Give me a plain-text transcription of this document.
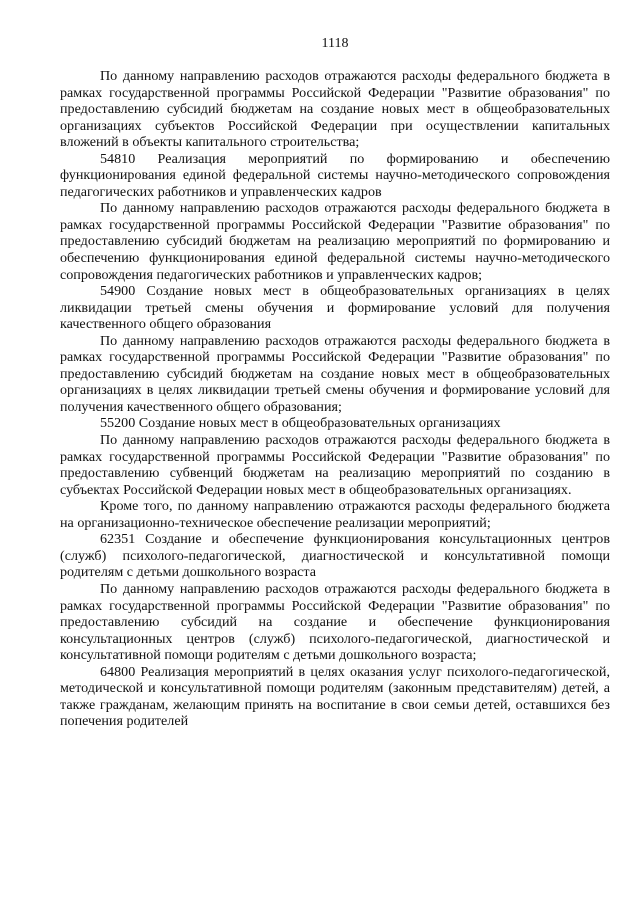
1118

По данному направлению расходов отражаются расходы федерального бюджета в рамках государственной программы Российской Федерации "Развитие образования" по предоставлению субсидий бюджетам на создание новых мест в общеобразовательных организациях субъектов Российской Федерации при осуществлении капитальных вложений в объекты капитального строительства;

54810 Реализация мероприятий по формированию и обеспечению функционирования единой федеральной системы научно-методического сопровождения педагогических работников и управленческих кадров

По данному направлению расходов отражаются расходы федерального бюджета в рамках государственной программы Российской Федерации "Развитие образования" по предоставлению субсидий бюджетам на реализацию мероприятий по формированию и обеспечению функционирования единой федеральной системы научно-методического сопровождения педагогических работников и управленческих кадров;

54900 Создание новых мест в общеобразовательных организациях в целях ликвидации третьей смены обучения и формирование условий для получения качественного общего образования

По данному направлению расходов отражаются расходы федерального бюджета в рамках государственной программы Российской Федерации "Развитие образования" по предоставлению субсидий бюджетам на создание новых мест в общеобразовательных организациях в целях ликвидации третьей смены обучения и формирование условий для получения качественного общего образования;

55200 Создание новых мест в общеобразовательных организациях

По данному направлению расходов отражаются расходы федерального бюджета в рамках государственной программы Российской Федерации "Развитие образования" по предоставлению субвенций бюджетам на реализацию мероприятий по созданию в субъектах Российской Федерации новых мест в общеобразовательных организациях.

Кроме того, по данному направлению отражаются расходы федерального бюджета на организационно-техническое обеспечение реализации мероприятий;

62351 Создание и обеспечение функционирования консультационных центров (служб) психолого-педагогической, диагностической и консультативной помощи родителям с детьми дошкольного возраста

По данному направлению расходов отражаются расходы федерального бюджета в рамках государственной программы Российской Федерации "Развитие образования" по предоставлению субсидий на создание и обеспечение функционирования консультационных центров (служб) психолого-педагогической, диагностической и консультативной помощи родителям с детьми дошкольного возраста;

64800 Реализация мероприятий в целях оказания услуг психолого-педагогической, методической и консультативной помощи родителям (законным представителям) детей, а также гражданам, желающим принять на воспитание в свои семьи детей, оставшихся без попечения родителей
